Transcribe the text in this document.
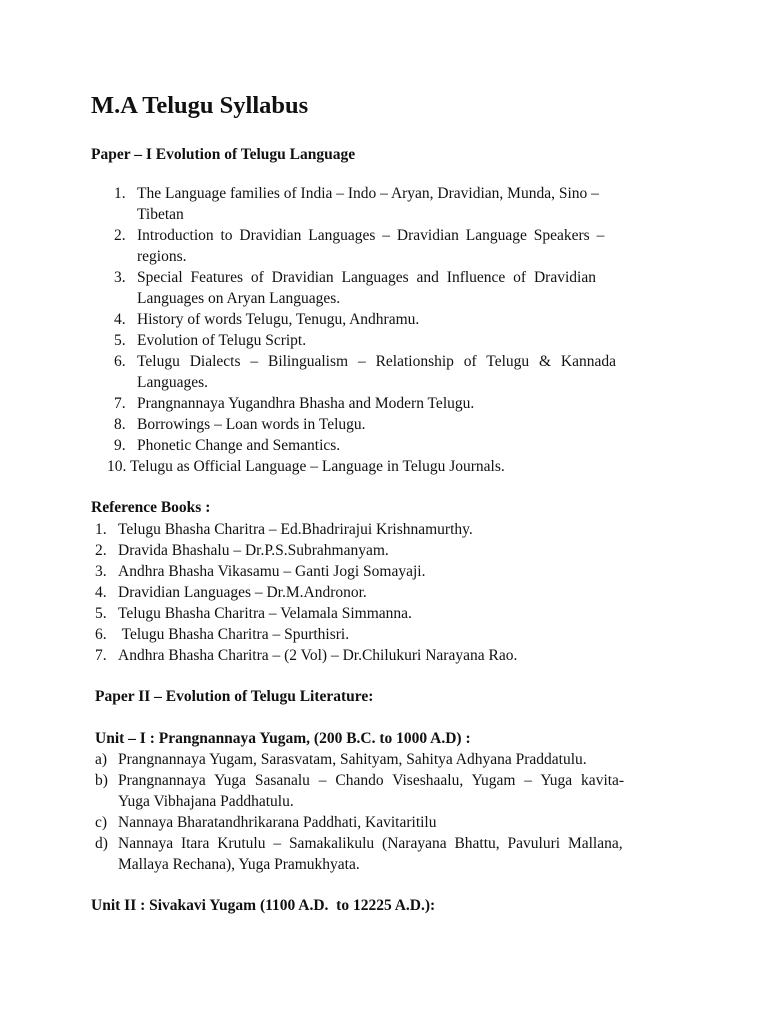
M.A Telugu Syllabus
Paper – I Evolution of Telugu Language
1. The Language families of India – Indo – Aryan, Dravidian, Munda, Sino –
Tibetan
2. Introduction to Dravidian Languages – Dravidian Language Speakers –
regions.
3. Special Features of Dravidian Languages and Influence of Dravidian
Languages on Aryan Languages.
4. History of words Telugu, Tenugu, Andhramu.
5. Evolution of Telugu Script.
6. Telugu Dialects – Bilingualism – Relationship of Telugu & Kannada
Languages.
7. Prangnannaya Yugandhra Bhasha and Modern Telugu.
8. Borrowings – Loan words in Telugu.
9. Phonetic Change and Semantics.
10. Telugu as Official Language – Language in Telugu Journals.
Reference Books :
1. Telugu Bhasha Charitra – Ed.Bhadrirajui Krishnamurthy.
2. Dravida Bhashalu – Dr.P.S.Subrahmanyam.
3. Andhra Bhasha Vikasamu – Ganti Jogi Somayaji.
4. Dravidian Languages – Dr.M.Andronor.
5. Telugu Bhasha Charitra – Velamala Simmanna.
6. Telugu Bhasha Charitra – Spurthisri.
7. Andhra Bhasha Charitra – (2 Vol) – Dr.Chilukuri Narayana Rao.
Paper II – Evolution of Telugu Literature:
Unit – I : Prangnannaya Yugam, (200 B.C. to 1000 A.D) :
a) Prangnannaya Yugam, Sarasvatam, Sahityam, Sahitya Adhyana Praddatulu.
b) Prangnannaya Yuga Sasanalu – Chando Viseshaalu, Yugam – Yuga kavita-
Yuga Vibhajana Paddhatulu.
c) Nannaya Bharatandhrikarana Paddhati, Kavitaritilu
d) Nannaya Itara Krutulu – Samakalikulu (Narayana Bhattu, Pavuluri Mallana,
Mallaya Rechana), Yuga Pramukhyata.
Unit II : Sivakavi Yugam (1100 A.D.  to 12225 A.D.):
